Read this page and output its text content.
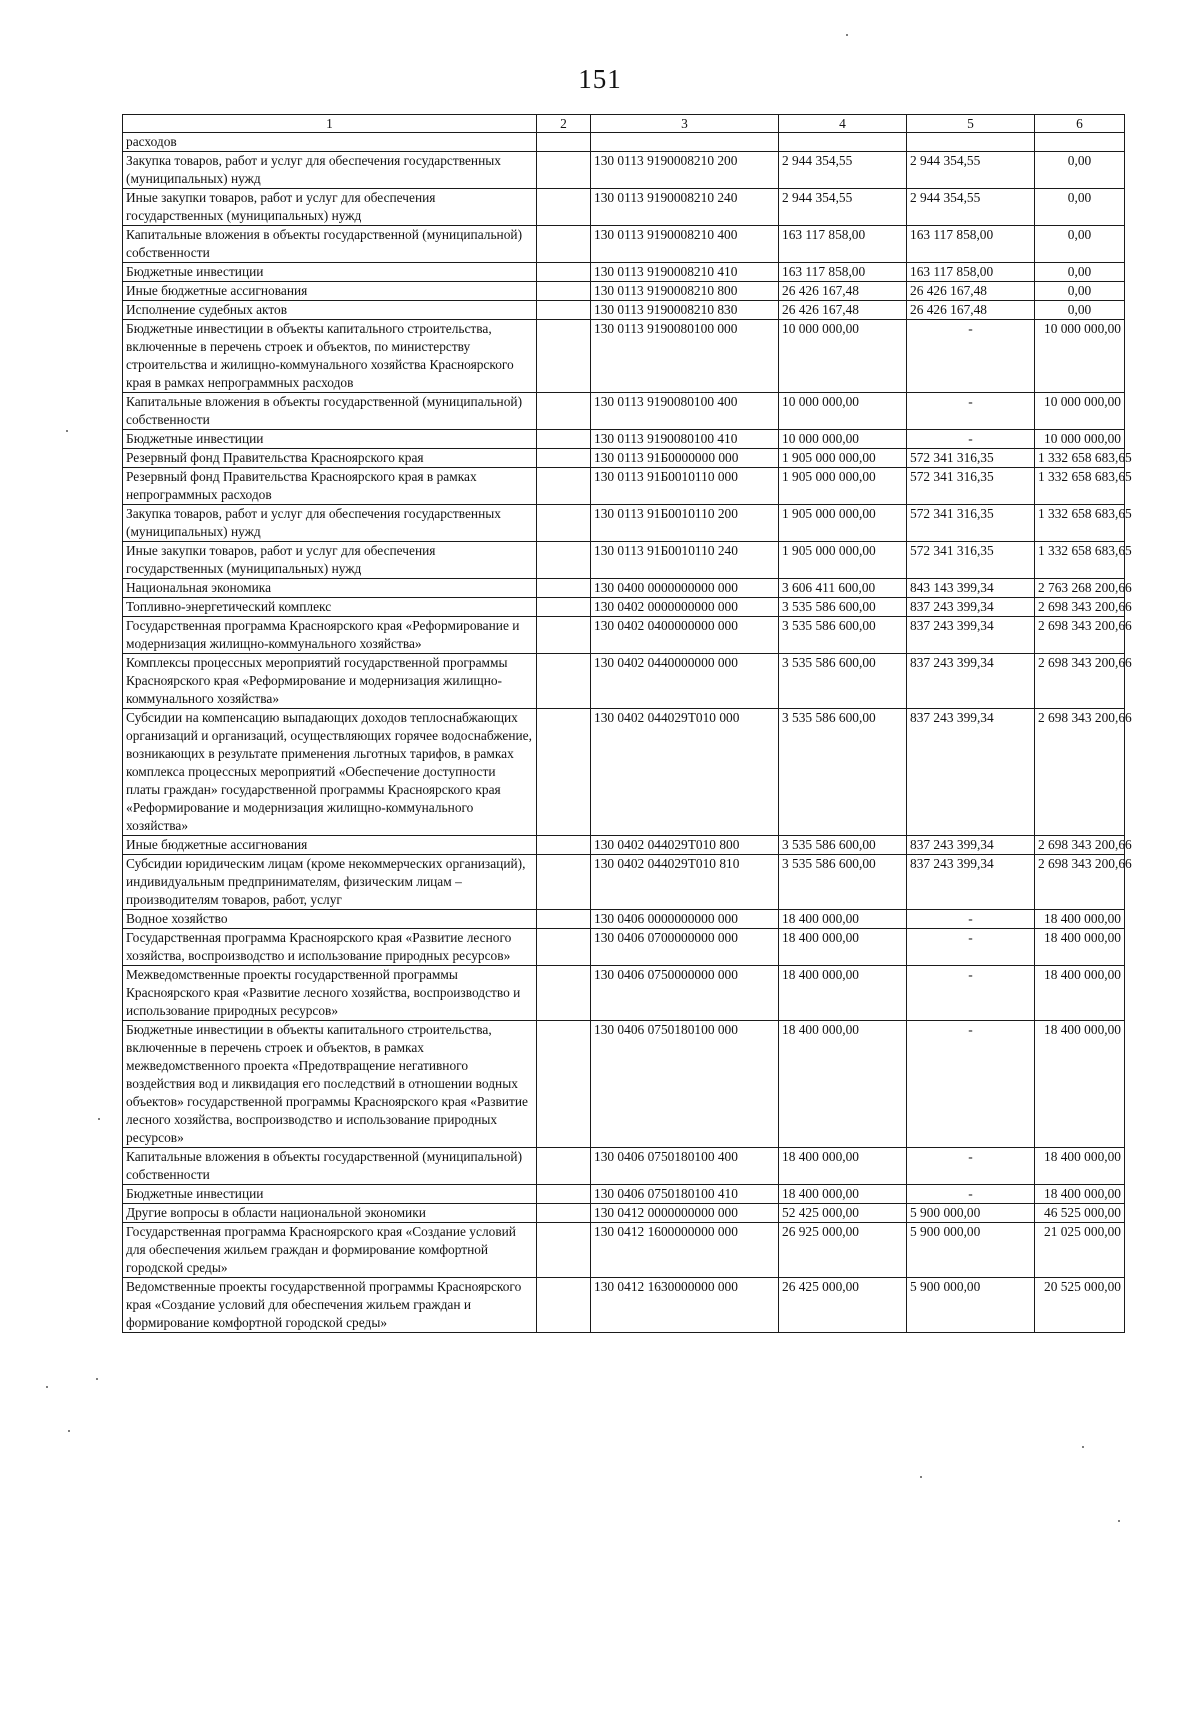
151
1	2	3	4	5	6
расходов					
Закупка товаров, работ и услуг для обеспечения государственных (муниципальных) нужд		130 0113 9190008210 200	2 944 354,55	2 944 354,55	0,00
Иные закупки товаров, работ и услуг для обеспечения государственных (муниципальных) нужд		130 0113 9190008210 240	2 944 354,55	2 944 354,55	0,00
Капитальные вложения в объекты государственной (муниципальной) собственности		130 0113 9190008210 400	163 117 858,00	163 117 858,00	0,00
Бюджетные инвестиции		130 0113 9190008210 410	163 117 858,00	163 117 858,00	0,00
Иные бюджетные ассигнования		130 0113 9190008210 800	26 426 167,48	26 426 167,48	0,00
Исполнение судебных актов		130 0113 9190008210 830	26 426 167,48	26 426 167,48	0,00
Бюджетные инвестиции в объекты капитального строительства, включенные в перечень строек и объектов, по министерству строительства и жилищно-коммунального хозяйства Красноярского края в рамках непрограммных расходов		130 0113 9190080100 000	10 000 000,00	-	10 000 000,00
Капитальные вложения в объекты государственной (муниципальной) собственности		130 0113 9190080100 400	10 000 000,00	-	10 000 000,00
Бюджетные инвестиции		130 0113 9190080100 410	10 000 000,00	-	10 000 000,00
Резервный фонд Правительства Красноярского края		130 0113 91Б0000000 000	1 905 000 000,00	572 341 316,35	1 332 658 683,65
Резервный фонд Правительства Красноярского края в рамках непрограммных расходов		130 0113 91Б0010110 000	1 905 000 000,00	572 341 316,35	1 332 658 683,65
Закупка товаров, работ и услуг для обеспечения государственных (муниципальных) нужд		130 0113 91Б0010110 200	1 905 000 000,00	572 341 316,35	1 332 658 683,65
Иные закупки товаров, работ и услуг для обеспечения государственных (муниципальных) нужд		130 0113 91Б0010110 240	1 905 000 000,00	572 341 316,35	1 332 658 683,65
Национальная экономика		130 0400 0000000000 000	3 606 411 600,00	843 143 399,34	2 763 268 200,66
Топливно-энергетический комплекс		130 0402 0000000000 000	3 535 586 600,00	837 243 399,34	2 698 343 200,66
Государственная программа Красноярского края «Реформирование и модернизация жилищно-коммунального хозяйства»		130 0402 0400000000 000	3 535 586 600,00	837 243 399,34	2 698 343 200,66
Комплексы процессных мероприятий государственной программы Красноярского края «Реформирование и модернизация жилищно-коммунального хозяйства»		130 0402 0440000000 000	3 535 586 600,00	837 243 399,34	2 698 343 200,66
Субсидии на компенсацию выпадающих доходов теплоснабжающих организаций и организаций, осуществляющих горячее водоснабжение, возникающих в результате применения льготных тарифов, в рамках комплекса процессных мероприятий «Обеспечение доступности платы граждан» государственной программы Красноярского края «Реформирование и модернизация жилищно-коммунального хозяйства»		130 0402 044029Т010 000	3 535 586 600,00	837 243 399,34	2 698 343 200,66
Иные бюджетные ассигнования		130 0402 044029Т010 800	3 535 586 600,00	837 243 399,34	2 698 343 200,66
Субсидии юридическим лицам (кроме некоммерческих организаций), индивидуальным предпринимателям, физическим лицам – производителям товаров, работ, услуг		130 0402 044029Т010 810	3 535 586 600,00	837 243 399,34	2 698 343 200,66
Водное хозяйство		130 0406 0000000000 000	18 400 000,00	-	18 400 000,00
Государственная программа Красноярского края «Развитие лесного хозяйства, воспроизводство и использование природных ресурсов»		130 0406 0700000000 000	18 400 000,00	-	18 400 000,00
Межведомственные проекты государственной программы Красноярского края «Развитие лесного хозяйства, воспроизводство и использование природных ресурсов»		130 0406 0750000000 000	18 400 000,00	-	18 400 000,00
Бюджетные инвестиции в объекты капитального строительства, включенные в перечень строек и объектов, в рамках межведомственного проекта «Предотвращение негативного воздействия вод и ликвидация его последствий в отношении водных объектов» государственной программы Красноярского края «Развитие лесного хозяйства, воспроизводство и использование природных ресурсов»		130 0406 0750180100 000	18 400 000,00	-	18 400 000,00
Капитальные вложения в объекты государственной (муниципальной) собственности		130 0406 0750180100 400	18 400 000,00	-	18 400 000,00
Бюджетные инвестиции		130 0406 0750180100 410	18 400 000,00	-	18 400 000,00
Другие вопросы в области национальной экономики		130 0412 0000000000 000	52 425 000,00	5 900 000,00	46 525 000,00
Государственная программа Красноярского края «Создание условий для обеспечения жильем граждан и формирование комфортной городской среды»		130 0412 1600000000 000	26 925 000,00	5 900 000,00	21 025 000,00
Ведомственные проекты государственной программы Красноярского края «Создание условий для обеспечения жильем граждан и формирование комфортной городской среды»		130 0412 1630000000 000	26 425 000,00	5 900 000,00	20 525 000,00
